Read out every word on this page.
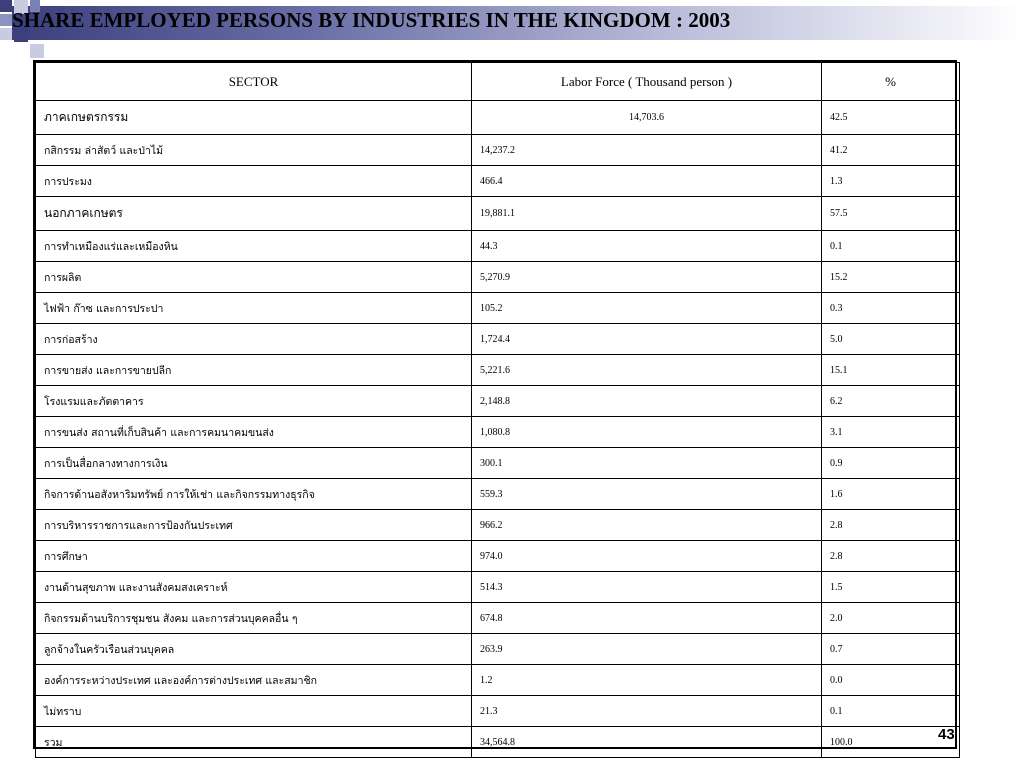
SHARE EMPLOYED PERSONS BY INDUSTRIES IN THE KINGDOM : 2003
SECTOR	Labor Force ( Thousand person )	%
ภาคเกษตรกรรม	14,703.6	42.5
กสิกรรม ล่าสัตว์ และป่าไม้	14,237.2	41.2
การประมง	466.4	1.3
นอกภาคเกษตร	19,881.1	57.5
การทำเหมืองแร่และเหมืองหิน	44.3	0.1
การผลิต	5,270.9	15.2
ไฟฟ้า ก๊าซ และการประปา	105.2	0.3
การก่อสร้าง	1,724.4	5.0
การขายส่ง และการขายปลีก	5,221.6	15.1
โรงแรมและภัตตาคาร	2,148.8	6.2
การขนส่ง สถานที่เก็บสินค้า และการคมนาคมขนส่ง	1,080.8	3.1
การเป็นสื่อกลางทางการเงิน	300.1	0.9
กิจการด้านอสังหาริมทรัพย์ การให้เช่า และกิจกรรมทางธุรกิจ	559.3	1.6
การบริหารราชการและการป้องกันประเทศ	966.2	2.8
การศึกษา	974.0	2.8
งานด้านสุขภาพ และงานสังคมสงเคราะห์	514.3	1.5
กิจกรรมด้านบริการชุมชน สังคม และการส่วนบุคคลอื่น ๆ	674.8	2.0
ลูกจ้างในครัวเรือนส่วนบุคคล	263.9	0.7
องค์การระหว่างประเทศ และองค์การต่างประเทศ และสมาชิก	1.2	0.0
ไม่ทราบ	21.3	0.1
รวม	34,564.8	100.0	43
